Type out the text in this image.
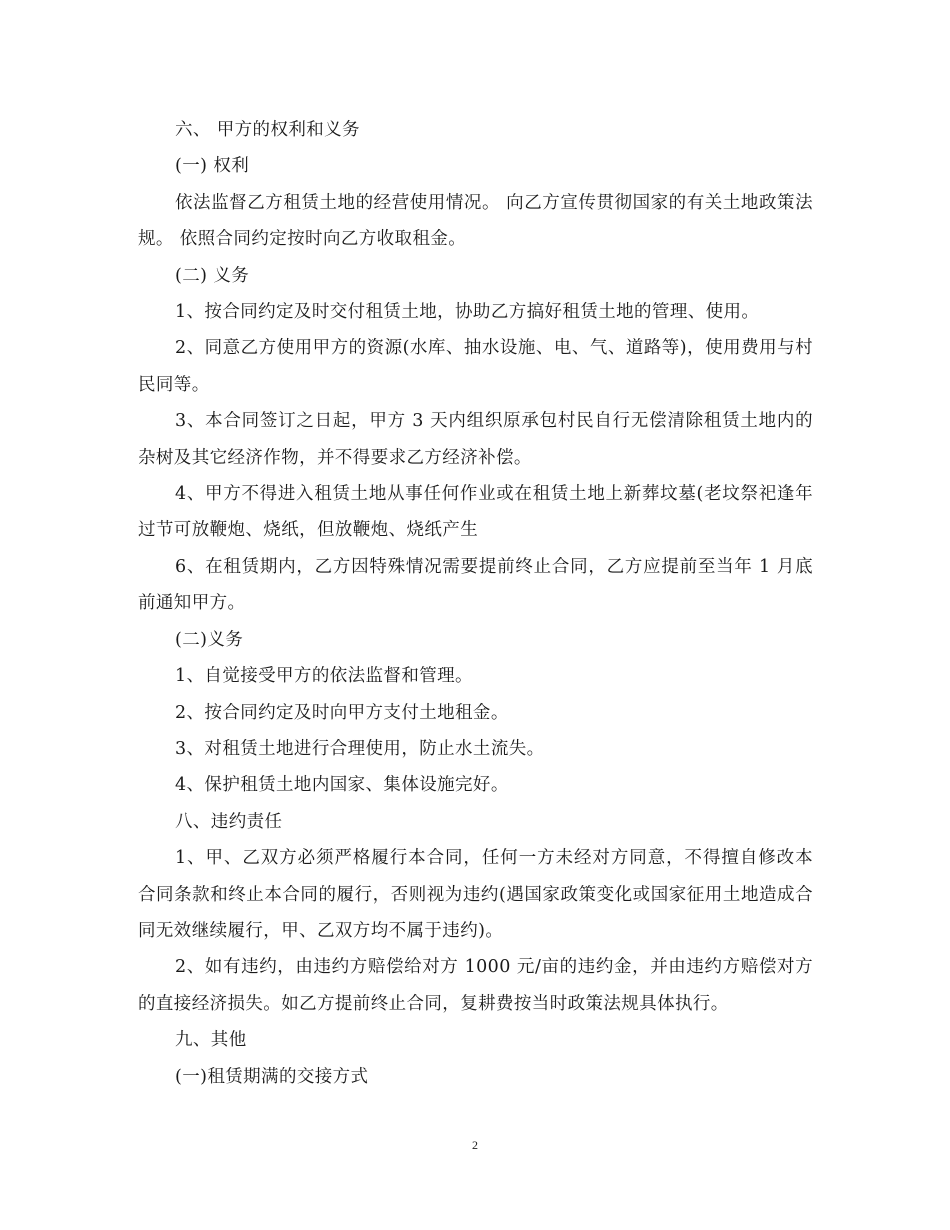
六、 甲方的权利和义务

(一) 权利

依法监督乙方租赁土地的经营使用情况。 向乙方宣传贯彻国家的有关土地政策法规。 依照合同约定按时向乙方收取租金。

(二) 义务

1、按合同约定及时交付租赁土地，协助乙方搞好租赁土地的管理、使用。

2、同意乙方使用甲方的资源(水库、抽水设施、电、气、道路等)，使用费用与村民同等。

3、本合同签订之日起，甲方 3 天内组织原承包村民自行无偿清除租赁土地内的杂树及其它经济作物，并不得要求乙方经济补偿。

4、甲方不得进入租赁土地从事任何作业或在租赁土地上新葬坟墓(老坟祭祀逢年过节可放鞭炮、烧纸，但放鞭炮、烧纸产生

6、在租赁期内，乙方因特殊情况需要提前终止合同，乙方应提前至当年 1 月底前通知甲方。

(二)义务

1、自觉接受甲方的依法监督和管理。

2、按合同约定及时向甲方支付土地租金。

3、对租赁土地进行合理使用，防止水土流失。

4、保护租赁土地内国家、集体设施完好。

八、违约责任

1、甲、乙双方必须严格履行本合同，任何一方未经对方同意，不得擅自修改本合同条款和终止本合同的履行，否则视为违约(遇国家政策变化或国家征用土地造成合同无效继续履行，甲、乙双方均不属于违约)。

2、如有违约，由违约方赔偿给对方 1000 元/亩的违约金，并由违约方赔偿对方的直接经济损失。如乙方提前终止合同，复耕费按当时政策法规具体执行。

九、其他

(一)租赁期满的交接方式

2
